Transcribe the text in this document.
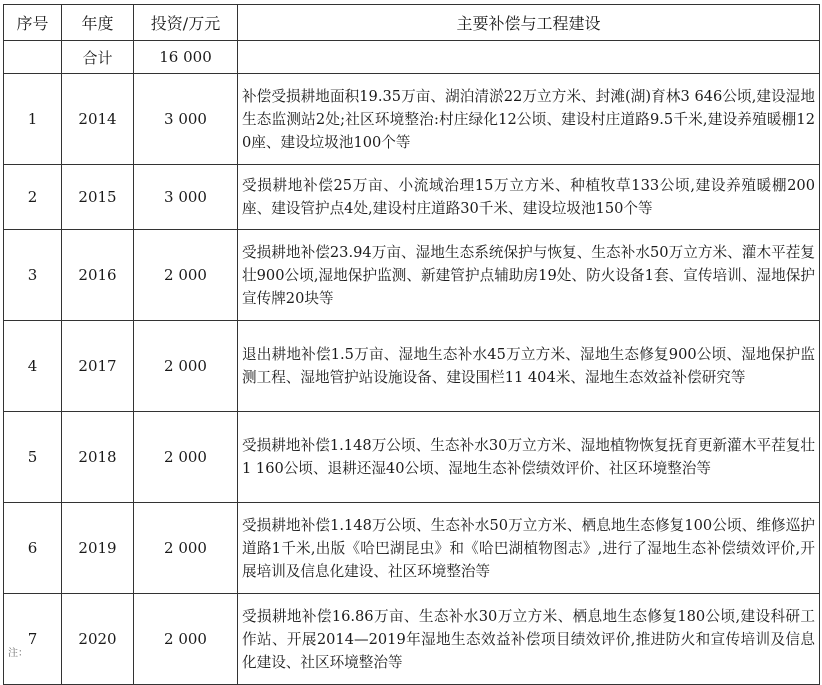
序号	年度	投资/万元	主要补偿与工程建设
	合计	16 000	
1	2014	3 000	补偿受损耕地面积19.35万亩、湖泊清淤22万立方米、封滩(湖)育林3 646公顷,建设湿地生态监测站2处;社区环境整治:村庄绿化12公顷、建设村庄道路9.5千米,建设养殖暖棚120座、建设垃圾池100个等
2	2015	3 000	受损耕地补偿25万亩、小流域治理15万立方米、种植牧草133公顷,建设养殖暖棚200座、建设管护点4处,建设村庄道路30千米、建设垃圾池150个等
3	2016	2 000	受损耕地补偿23.94万亩、湿地生态系统保护与恢复、生态补水50万立方米、灌木平茬复壮900公顷,湿地保护监测、新建管护点辅助房19处、防火设备1套、宣传培训、湿地保护宣传牌20块等
4	2017	2 000	退出耕地补偿1.5万亩、湿地生态补水45万立方米、湿地生态修复900公顷、湿地保护监测工程、湿地管护站设施设备、建设围栏11 404米、湿地生态效益补偿研究等
5	2018	2 000	受损耕地补偿1.148万公顷、生态补水30万立方米、湿地植物恢复抚育更新灌木平茬复壮1 160公顷、退耕还湿40公顷、湿地生态补偿绩效评价、社区环境整治等
6	2019	2 000	受损耕地补偿1.148万公顷、生态补水50万立方米、栖息地生态修复100公顷、维修巡护道路1千米,出版《哈巴湖昆虫》和《哈巴湖植物图志》,进行了湿地生态补偿绩效评价,开展培训及信息化建设、社区环境整治等
7	2020	2 000	受损耕地补偿16.86万亩、生态补水30万立方米、栖息地生态修复180公顷,建设科研工作站、开展2014—2019年湿地生态效益补偿项目绩效评价,推进防火和宣传培训及信息化建设、社区环境整治等
注：
